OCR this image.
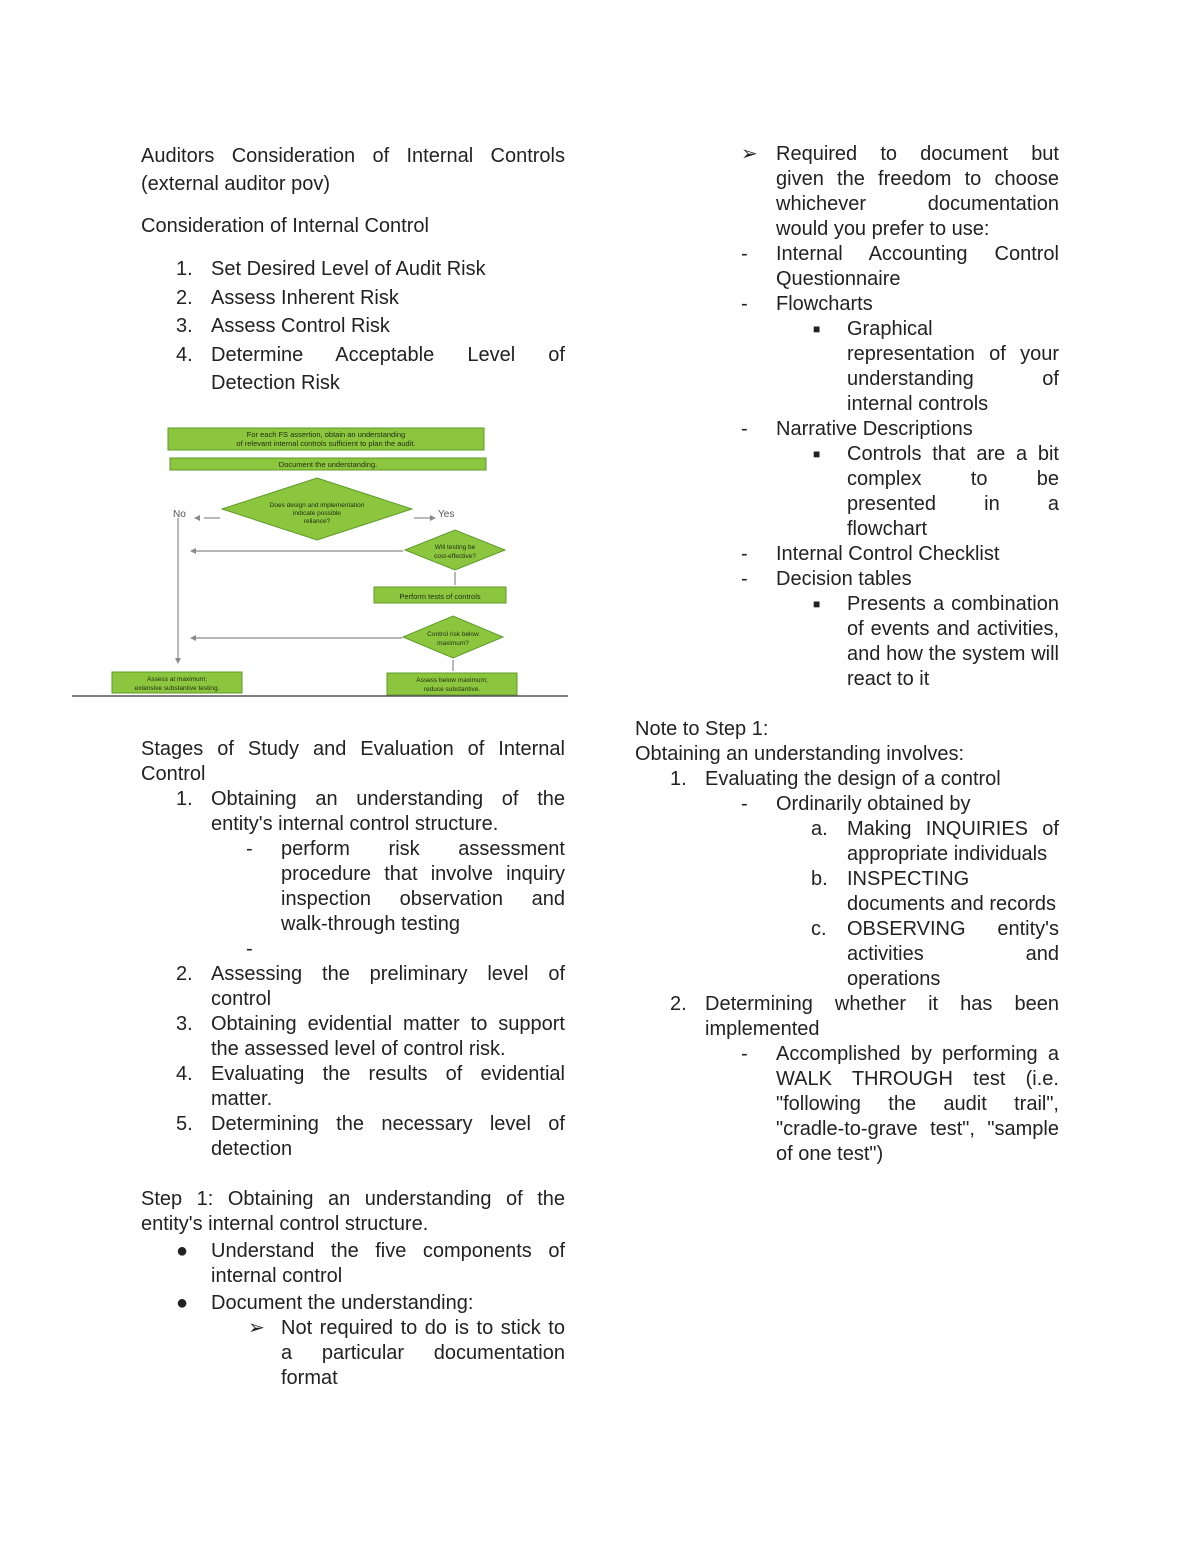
Auditors Consideration of Internal Controls
(external auditor pov)

Consideration of Internal Control

1. Set Desired Level of Audit Risk
2. Assess Inherent Risk
3. Assess Control Risk
4. Determine Acceptable Level of
Detection Risk

Stages of Study and Evaluation of Internal Control

1. Obtaining an understanding of the entity's internal control structure.

- perform risk assessment procedure that involve inquiry inspection observation and walk-through testing

-
2. Assessing the preliminary level of control

3. Obtaining evidential matter to support the assessed level of control risk.

4. Evaluating the results of evidential matter.

5. Determining the necessary level of detection

Step 1: Obtaining an understanding of the entity's internal control structure.

● Understand the five components of internal control

● Document the understanding:

➢ Not required to do is to stick to a particular documentation format

For each FS assertion, obtain an understanding
of relevant internal controls sufficient to plan the audit.
Document the understanding.
Does design and implementation
indicate possible
reliance?
Will testing be
cost-effective?
Perform tests of controls
Control risk below
maximum?
Assess at maximum;
extensive substantive testing.
Assess below maximum;
reduce substantive.
No	Yes
➢ Required to document but given the freedom to choose whichever documentation would you prefer to use:

- Internal Accounting Control Questionnaire

- Flowcharts

■ Graphical representation of your understanding of internal controls

- Narrative Descriptions

■ Controls that are a bit complex to be presented in a flowchart

- Internal Control Checklist

- Decision tables

■ Presents a combination of events and activities, and how the system will react to it

Note to Step 1:

Obtaining an understanding involves:

1. Evaluating the design of a control

- Ordinarily obtained by

a. Making INQUIRIES of appropriate individuals

b. INSPECTING documents and records

c. OBSERVING entity's activities and operations

2. Determining whether it has been implemented

- Accomplished by performing a WALK THROUGH test (i.e. "following the audit trail", "cradle-to-grave test", "sample of one test")
